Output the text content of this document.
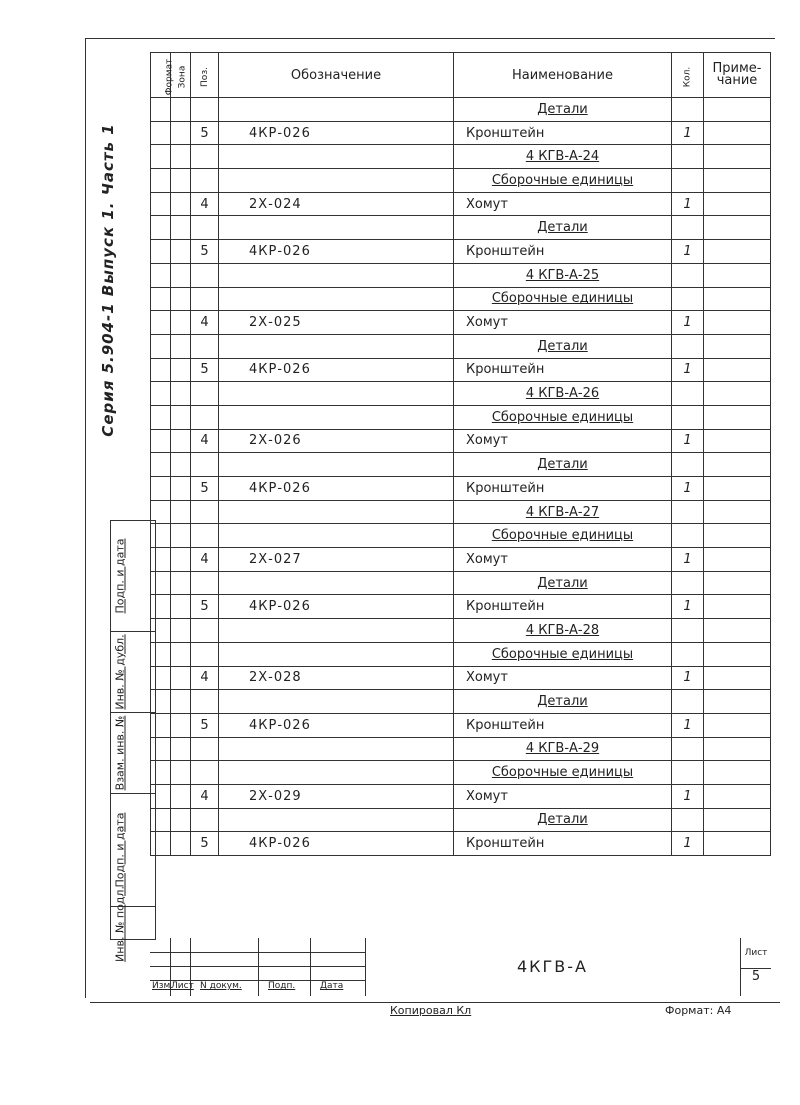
Серия 5.904-1 Выпуск 1. Часть 1
Подп. и дата
Инв. № дубл.
Взам. инв. №
Подп. и дата
Инв. № подл.
Формат	Зона	Поз.	Обозначение	Наименование	Кол.	Приме-
чание
				Детали		
		5	4КР-026	Кронштейн	1	
				4 КГВ-А-24		
				Сборочные единицы		
		4	2Х-024	Хомут	1	
				Детали		
		5	4КР-026	Кронштейн	1	
				4 КГВ-А-25		
				Сборочные единицы		
		4	2Х-025	Хомут	1	
				Детали		
		5	4КР-026	Кронштейн	1	
				4 КГВ-А-26		
				Сборочные единицы		
		4	2Х-026	Хомут	1	
				Детали		
		5	4КР-026	Кронштейн	1	
				4 КГВ-А-27		
				Сборочные единицы		
		4	2Х-027	Хомут	1	
				Детали		
		5	4КР-026	Кронштейн	1	
				4 КГВ-А-28		
				Сборочные единицы		
		4	2Х-028	Хомут	1	
				Детали		
		5	4КР-026	Кронштейн	1	
				4 КГВ-А-29		
				Сборочные единицы		
		4	2Х-029	Хомут	1	
				Детали		
		5	4КР-026	Кронштейн	1	
Изм.
Лист N докум.	Подп.	Дата
4КГВ-А
Лист
5
Копировал Кл	Формат: А4
